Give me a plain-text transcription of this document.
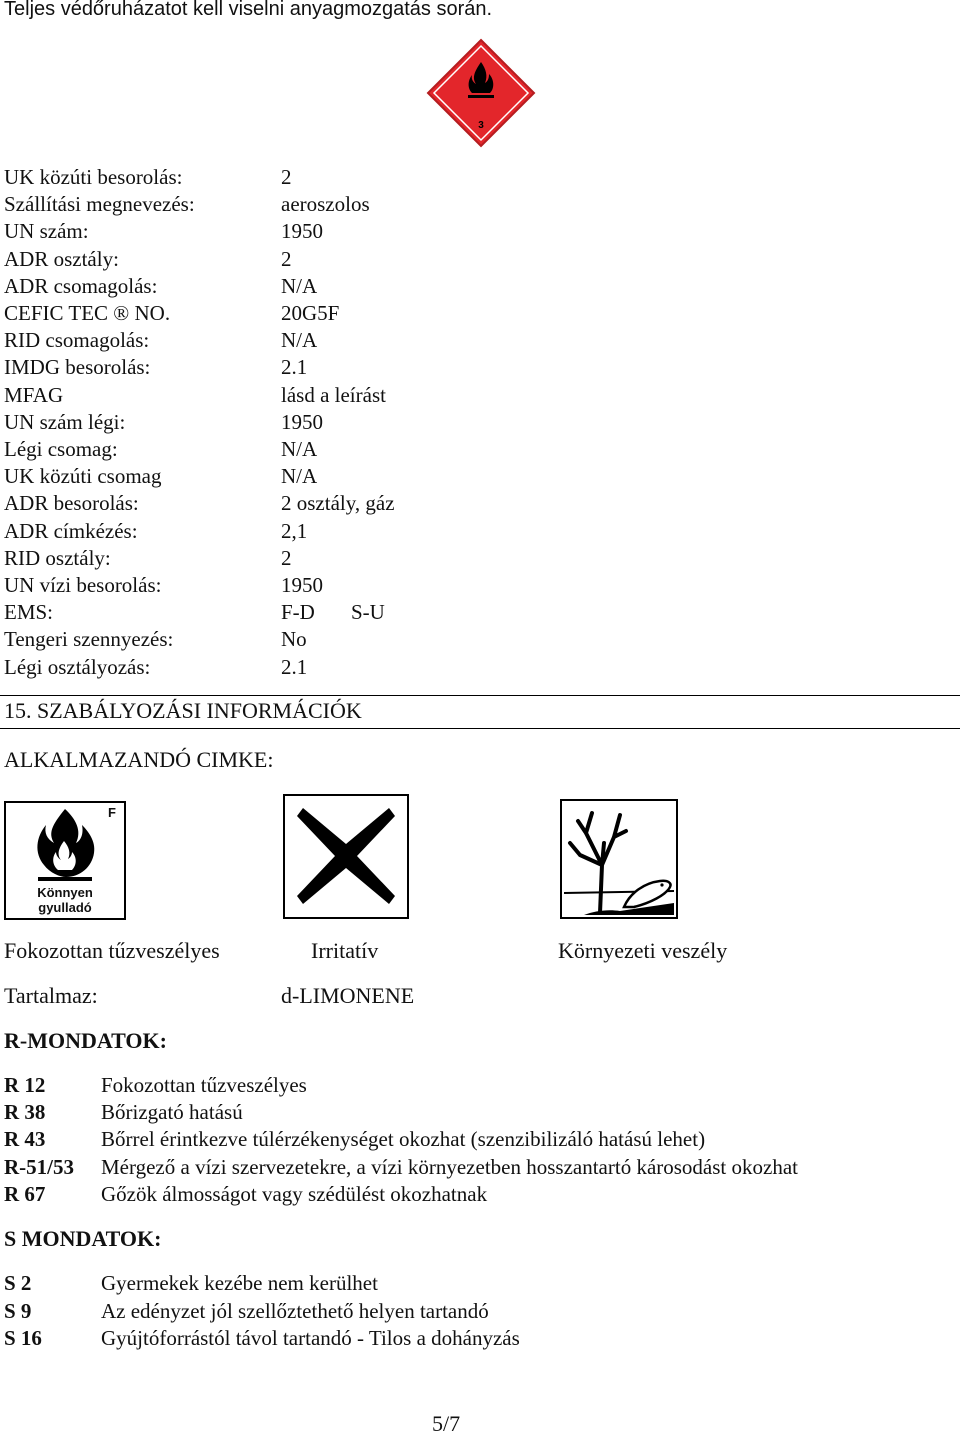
Teljes védőruházatot kell viselni anyagmozgatás során.
3
UK közúti besorolás:	2
Szállítási megnevezés:	aeroszolos
UN szám:	1950
ADR osztály:	2
ADR csomagolás:	N/A
CEFIC TEC ® NO.	20G5F
RID csomagolás:	N/A
IMDG besorolás:	2.1
MFAG	lásd a leírást
UN szám légi:	1950
Légi csomag:	N/A
UK közúti csomag	N/A
ADR besorolás:	2 osztály, gáz
ADR címkézés:	2,1
RID osztály:	2
UN vízi besorolás:	1950
EMS:	F-D S-U
Tengeri szennyezés:	No
Légi osztályozás:	2.1
15. SZABÁLYOZÁSI INFORMÁCIÓK
ALKALMAZANDÓ CIMKE:
F
Könnyen
gyulladó
Fokozottan tűzveszélyes	Irritatív	Környezeti veszély
Tartalmaz:	d-LIMONENE
R-MONDATOK:
R 12	Fokozottan tűzveszélyes
R 38	Bőrizgató hatású
R 43	Bőrrel érintkezve túlérzékenységet okozhat (szenzibilizáló hatású lehet)
R-51/53 Mérgező a vízi szervezetekre, a vízi környezetben hosszantartó károsodást okozhat
R 67	Gőzök álmosságot vagy szédülést okozhatnak
S MONDATOK:
S 2	Gyermekek kezébe nem kerülhet
S 9	Az edényzet jól szellőztethető helyen tartandó
S 16	Gyújtóforrástól távol tartandó - Tilos a dohányzás
5/7
